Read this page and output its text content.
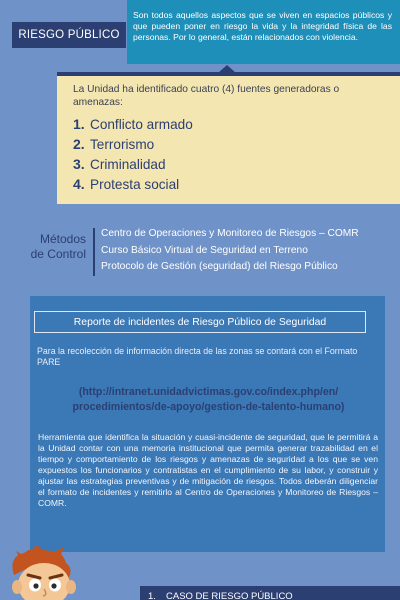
RIESGO PÚBLICO
Son todos aquellos aspectos que se viven en espacios públicos y que pueden poner en riesgo la vida y la integridad física de las personas. Por lo general, están relacionados con violencia.

La Unidad ha identificado cuatro (4) fuentes generadoras o amenazas:

1. Conflicto armado
2. Terrorismo
3. Criminalidad
4. Protesta social
Métodos
de Control
Centro de Operaciones y Monitoreo de Riesgos – COMR
Curso Básico Virtual de Seguridad en Terreno
Protocolo de Gestión (seguridad) del Riesgo Público
Reporte de incidentes de Riesgo Público de Seguridad
Para la recolección de información directa de las zonas se contará con el Formato PARE
(http://intranet.unidadvictimas.gov.co/index.php/en/
procedimientos/de-apoyo/gestion-de-talento-humano)
Herramienta que identifica la situación y cuasi-incidente de seguridad, que le permitirá a la Unidad contar con una memoria institucional que permita generar trazabilidad en el tiempo y comportamiento de los riesgos y amenazas de seguridad a los que se ven expuestos los funcionarios y contratistas en el cumplimiento de su labor, y construir y ajustar las estrategias preventivas y de mitigación de riesgos. Todos deberán diligenciar el formato de incidentes y remitirlo al Centro de Operaciones y Monitoreo de Riesgos – COMR.
1. CASO DE RIESGO PÚBLICO
